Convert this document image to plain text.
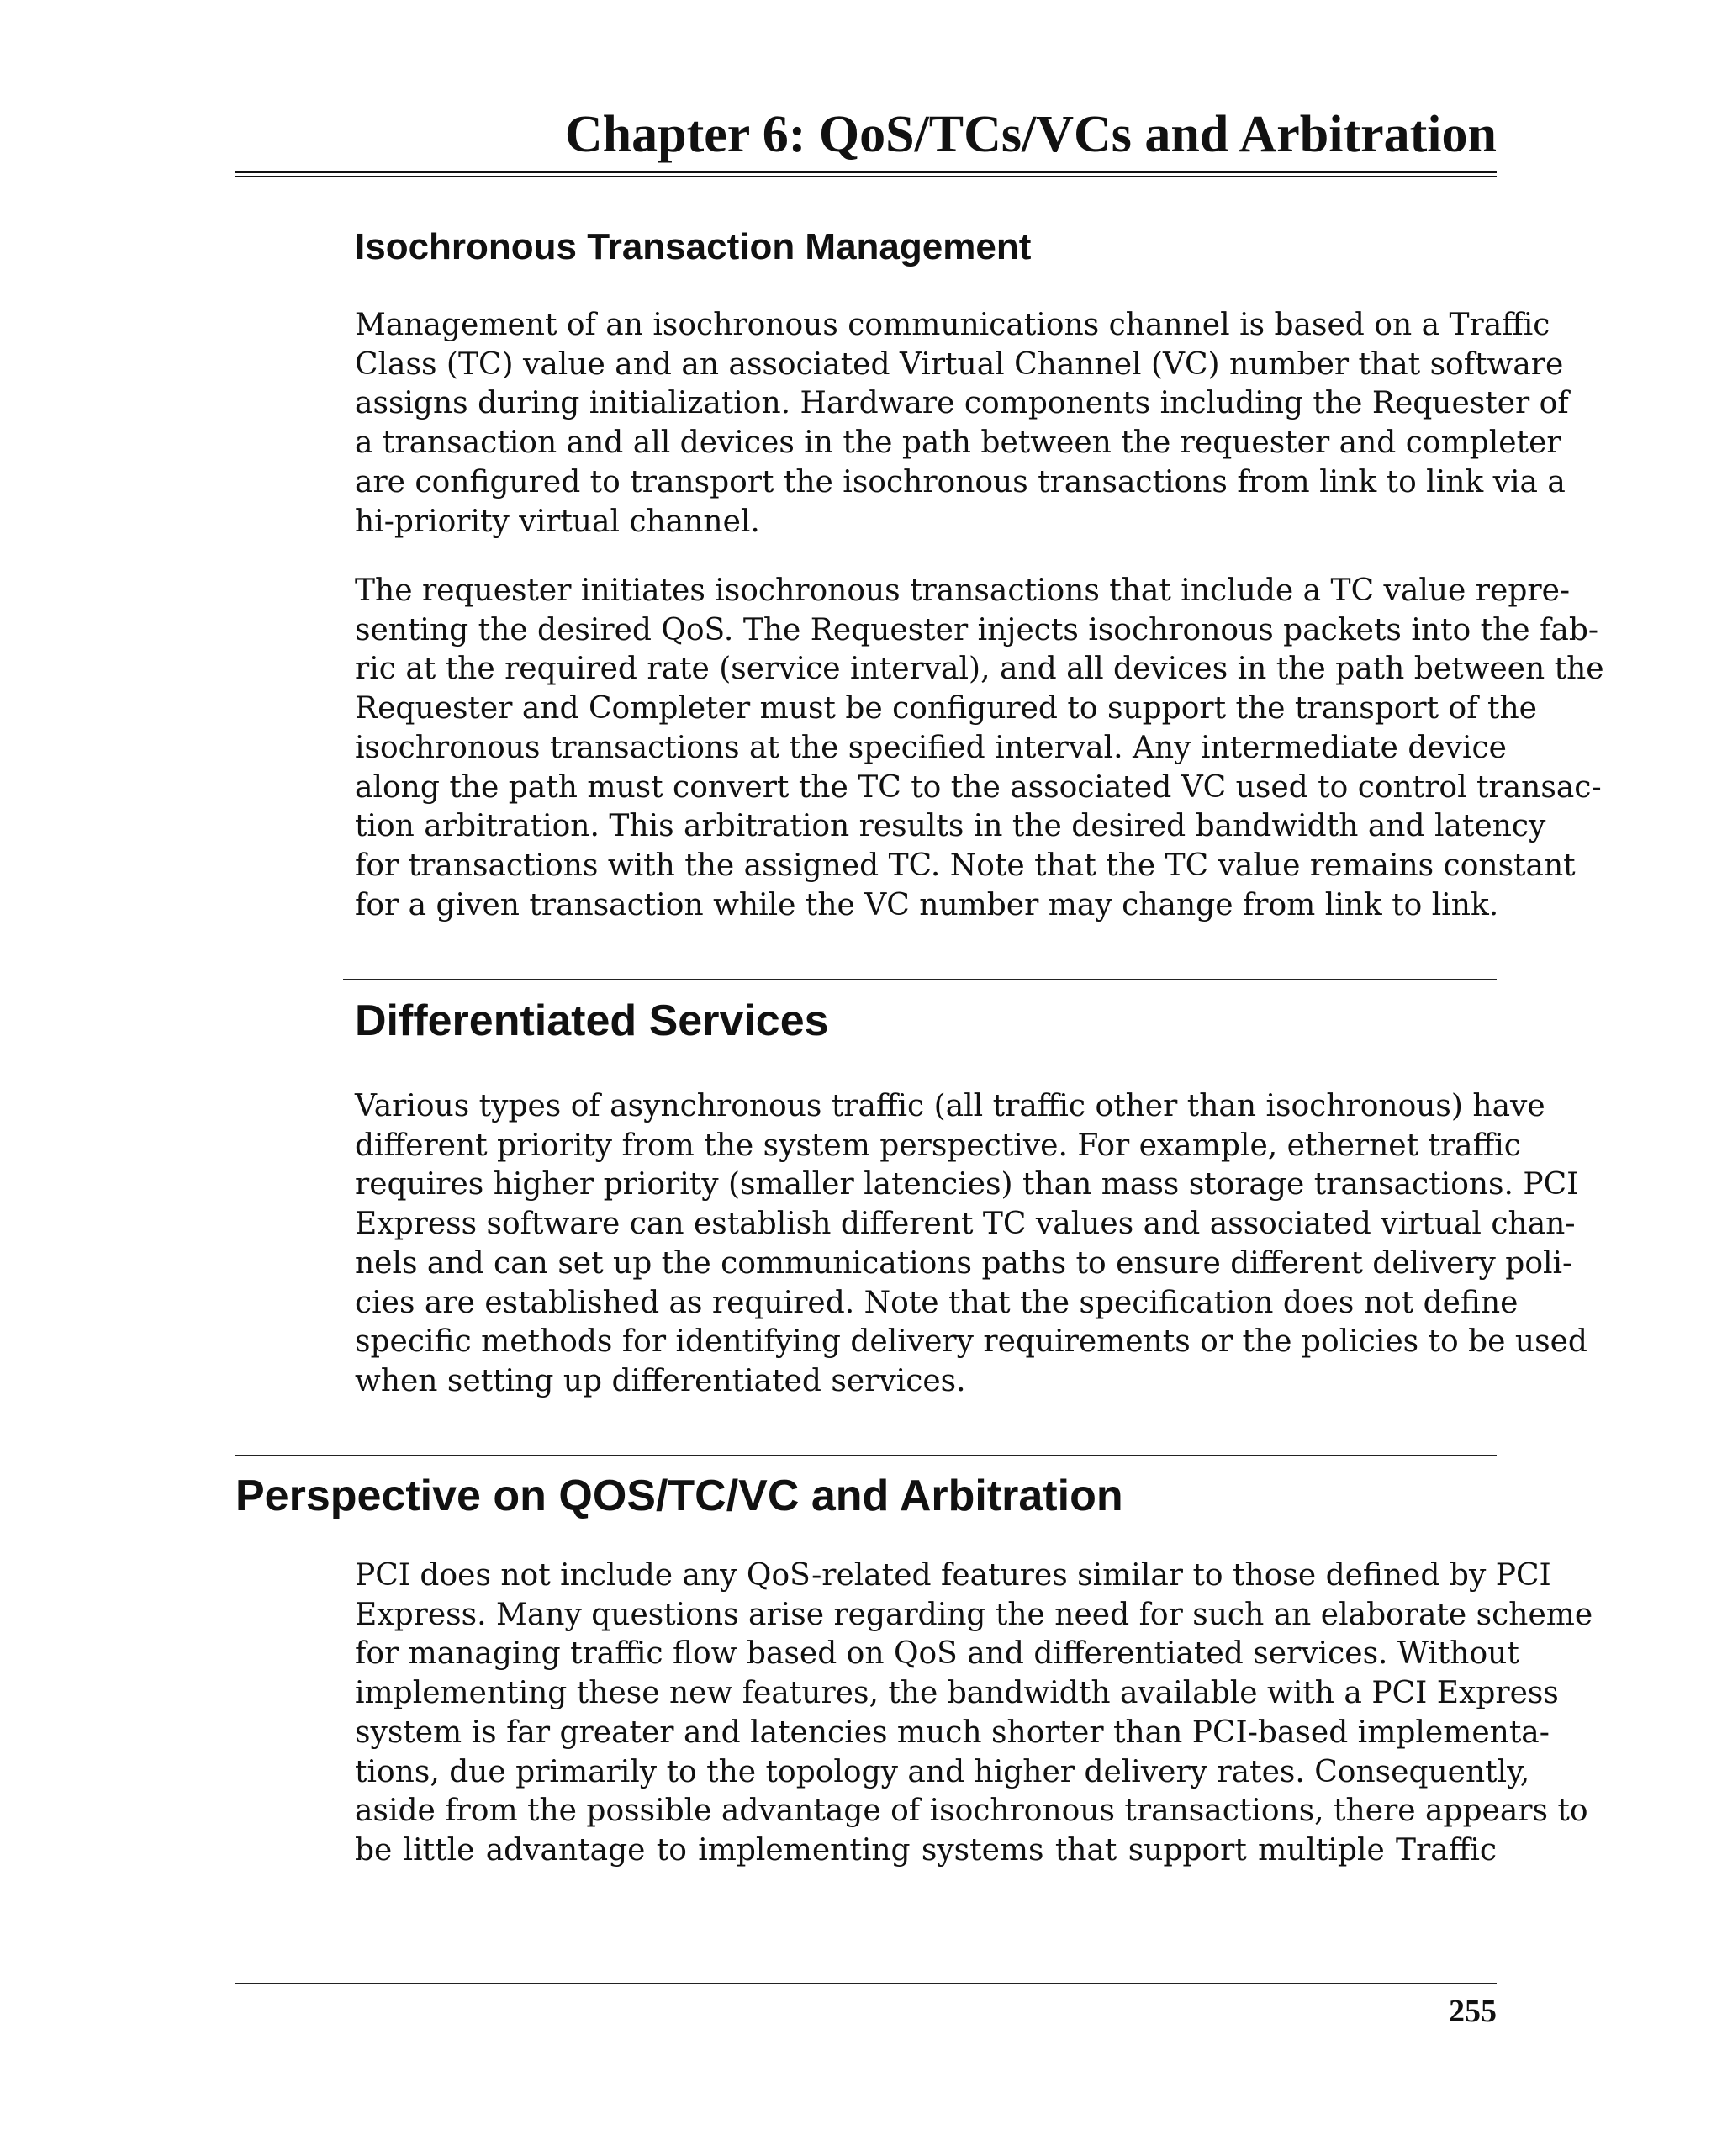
Chapter 6: QoS/TCs/VCs and Arbitration
Isochronous Transaction Management

Management of an isochronous communications channel is based on a Traffic
Class (TC) value and an associated Virtual Channel (VC) number that software
assigns during initialization. Hardware components including the Requester of
a transaction and all devices in the path between the requester and completer
are configured to transport the isochronous transactions from link to link via a
hi-priority virtual channel.

The requester initiates isochronous transactions that include a TC value repre-
senting the desired QoS. The Requester injects isochronous packets into the fab-
ric at the required rate (service interval), and all devices in the path between the
Requester and Completer must be configured to support the transport of the
isochronous transactions at the specified interval. Any intermediate device
along the path must convert the TC to the associated VC used to control transac-
tion arbitration. This arbitration results in the desired bandwidth and latency
for transactions with the assigned TC. Note that the TC value remains constant
for a given transaction while the VC number may change from link to link.

Differentiated Services

Various types of asynchronous traffic (all traffic other than isochronous) have
different priority from the system perspective. For example, ethernet traffic
requires higher priority (smaller latencies) than mass storage transactions. PCI
Express software can establish different TC values and associated virtual chan-
nels and can set up the communications paths to ensure different delivery poli-
cies are established as required. Note that the specification does not define
specific methods for identifying delivery requirements or the policies to be used
when setting up differentiated services.

Perspective on QOS/TC/VC and Arbitration

PCI does not include any QoS-related features similar to those defined by PCI
Express. Many questions arise regarding the need for such an elaborate scheme
for managing traffic flow based on QoS and differentiated services. Without
implementing these new features, the bandwidth available with a PCI Express
system is far greater and latencies much shorter than PCI-based implementa-
tions, due primarily to the topology and higher delivery rates. Consequently,
aside from the possible advantage of isochronous transactions, there appears to
be little advantage to implementing systems that support multiple Traffic

255
